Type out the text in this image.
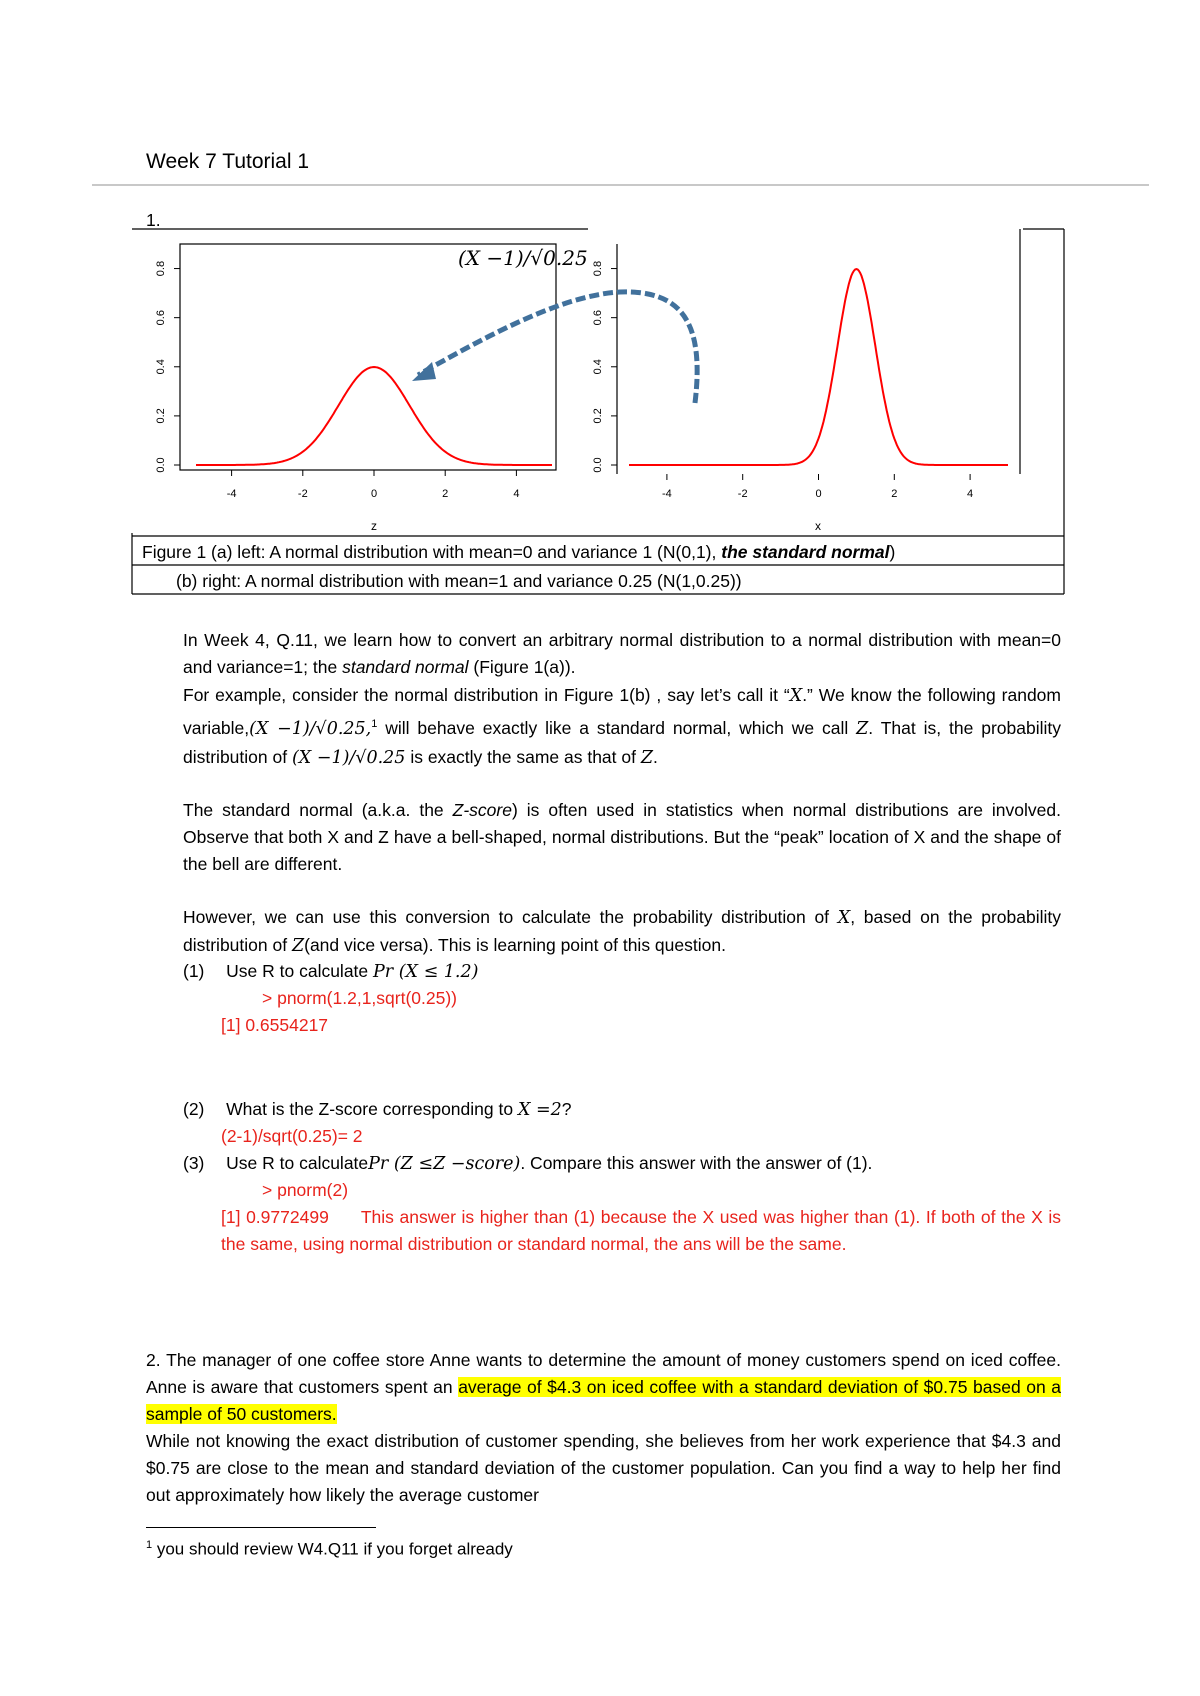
Week 7 Tutorial 1
1.
0.0
0.2
0.4
0.6
0.8
-4	-2	0	2	4
0.0
0.2
0.4
0.6
0.8
-4	-2	0	2	4
(X −1)/√0.25
z	x
Figure 1 (a) left: A normal distribution with mean=0 and variance 1 (N(0,1), the standard normal)
(b) right: A normal distribution with mean=1 and variance 0.25 (N(1,0.25))
In Week 4, Q.11, we learn how to convert an arbitrary normal distribution to a normal distribution with mean=0 and variance=1; the standard normal (Figure 1(a)).
For example, consider the normal distribution in Figure 1(b) , say let’s call it “X.” We know the following random variable,(X −1)/√0.25,$^1$ will behave exactly like a standard normal, which we call Z. That is, the probability distribution of (X −1)/√0.25 is exactly the same as that of Z.
The standard normal (a.k.a. the Z-score) is often used in statistics when normal distributions are involved. Observe that both X and Z have a bell-shaped, normal distributions. But the “peak” location of X and the shape of the bell are different.
However, we can use this conversion to calculate the probability distribution of X, based on the probability distribution of Z(and vice versa). This is learning point of this question.
(1) Use R to calculate Pr (X ≤ 1.2)
> pnorm(1.2,1,sqrt(0.25))
[1] 0.6554217
(2) What is the Z-score corresponding to X =2?
(2-1)/sqrt(0.25)= 2
(3) Use R to calculatePr (Z ≤Z −score). Compare this answer with the answer of (1).
> pnorm(2)
[1] 0.9772499 This answer is higher than (1) because the X used was higher than (1). If both of the X is the same, using normal distribution or standard normal, the ans will be the same.
2. The manager of one coffee store Anne wants to determine the amount of money customers spend on iced coffee. Anne is aware that customers spent an average of $4.3 on iced coffee with a standard deviation of $0.75 based on a sample of 50 customers.
While not knowing the exact distribution of customer spending, she believes from her work experience that $4.3 and $0.75 are close to the mean and standard deviation of the customer population. Can you find a way to help her find out approximately how likely the average customer
$^1$ you should review W4.Q11 if you forget already
